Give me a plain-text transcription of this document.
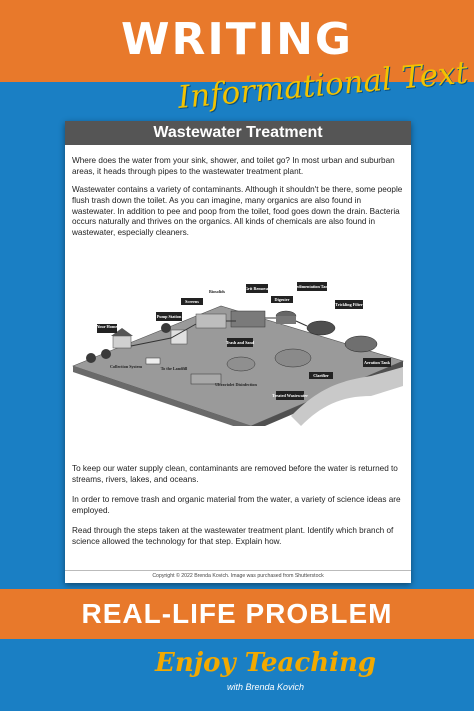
WRITING
Informational Text
Wastewater Treatment

Where does the water from your sink, shower, and toilet go? In most urban and suburban areas, it heads through pipes to the wastewater treatment plant.

Wastewater contains a variety of contaminants. Although it shouldn't be there, some people flush trash down the toilet. As you can imagine, many organics are also found in wastewater. In addition to pee and poop from the toilet, food goes down the drain. Bacteria occurs naturally and thrives on the organics. All kinds of chemicals are also found in wastewater, especially cleaners.

Your Home
Screens
Biosolids
Pump Station
Collection System
Grit Removal
Digester
Sedimentation Tank
Trickling Filter
Trash and Sand
To the Landfill
Aeration Tank
Clarifier
Ultraviolet Disinfection
Treated Wastewater

To keep our water supply clean, contaminants are removed before the water is returned to streams, rivers, lakes, and oceans.

In order to remove trash and organic material from the water, a variety of science ideas are employed.

Read through the steps taken at the wastewater treatment plant. Identify which branch of science allowed the technology for that step. Explain how.

Copyright © 2022 Brenda Kovich. Image was purchased from Shutterstock
REAL-LIFE PROBLEM
Enjoy Teaching
with Brenda Kovich
